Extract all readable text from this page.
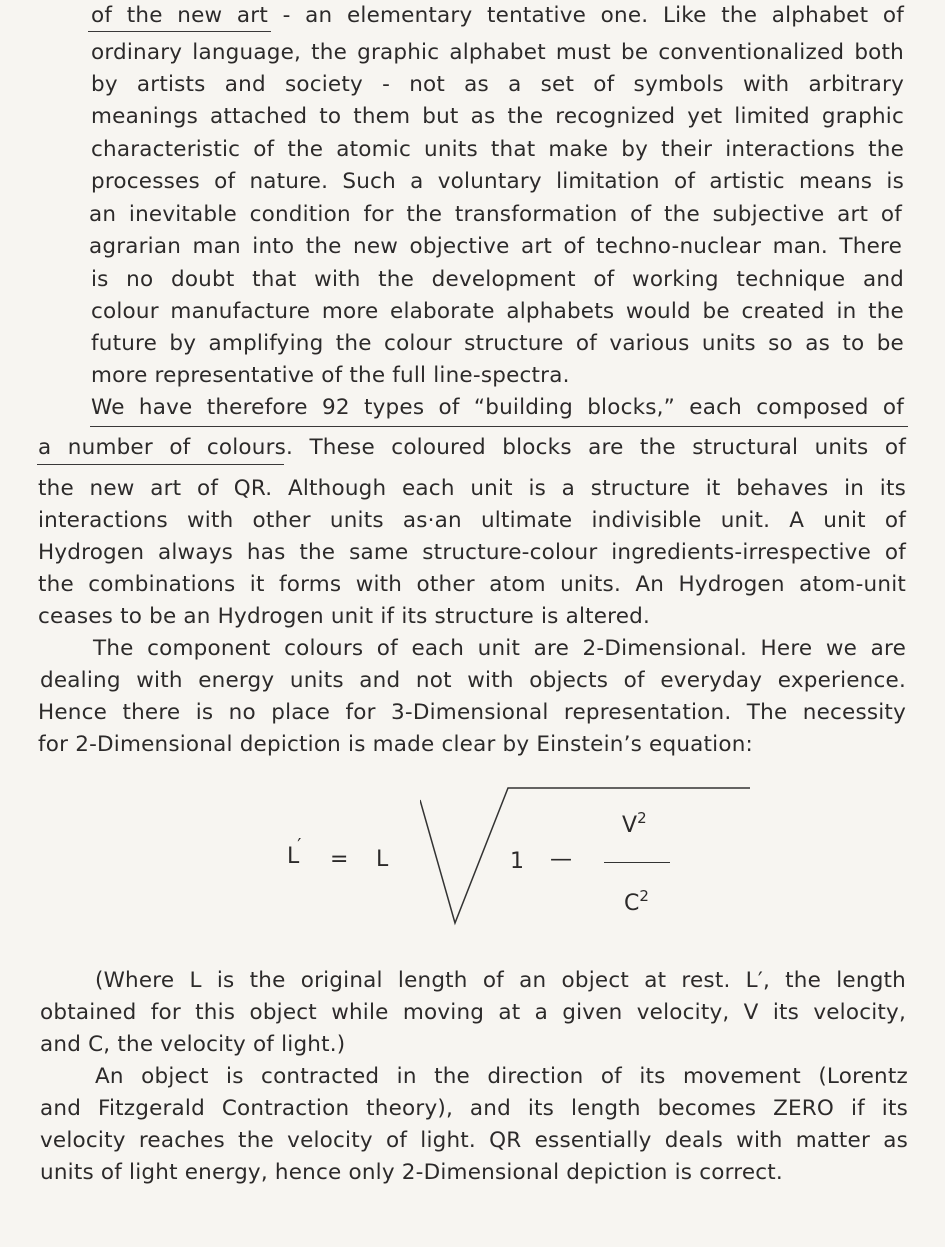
of the new art - an elementary tentative one. Like the alphabet of
ordinary language, the graphic alphabet must be conventionalized both
by artists and society - not as a set of symbols with arbitrary
meanings attached to them but as the recognized yet limited graphic
characteristic of the atomic units that make by their interactions the
processes of nature. Such a voluntary limitation of artistic means is
an inevitable condition for the transformation of the subjective art of
agrarian man into the new objective art of techno-nuclear man. There
is no doubt that with the development of working technique and
colour manufacture more elaborate alphabets would be created in the
future by amplifying the colour structure of various units so as to be
more representative of the full line-spectra.
We have therefore 92 types of “building blocks,” each composed of
a number of colours. These coloured blocks are the structural units of
the new art of QR. Although each unit is a structure it behaves in its
interactions with other units as·an ultimate indivisible unit. A unit of
Hydrogen always has the same structure-colour ingredients-irrespective of
the combinations it forms with other atom units. An Hydrogen atom-unit
ceases to be an Hydrogen unit if its structure is altered.
The component colours of each unit are 2-Dimensional. Here we are
dealing with energy units and not with objects of everyday experience.
Hence there is no place for 3-Dimensional representation. The necessity
for 2-Dimensional depiction is made clear by Einstein’s equation:
L′
= L	1 —
$V^2$
$C^2$
(Where L is the original length of an object at rest. L′, the length
obtained for this object while moving at a given velocity, V its velocity,
and C, the velocity of light.)
An object is contracted in the direction of its movement (Lorentz
and Fitzgerald Contraction theory), and its length becomes ZERO if its
velocity reaches the velocity of light. QR essentially deals with matter as
units of light energy, hence only 2-Dimensional depiction is correct.
